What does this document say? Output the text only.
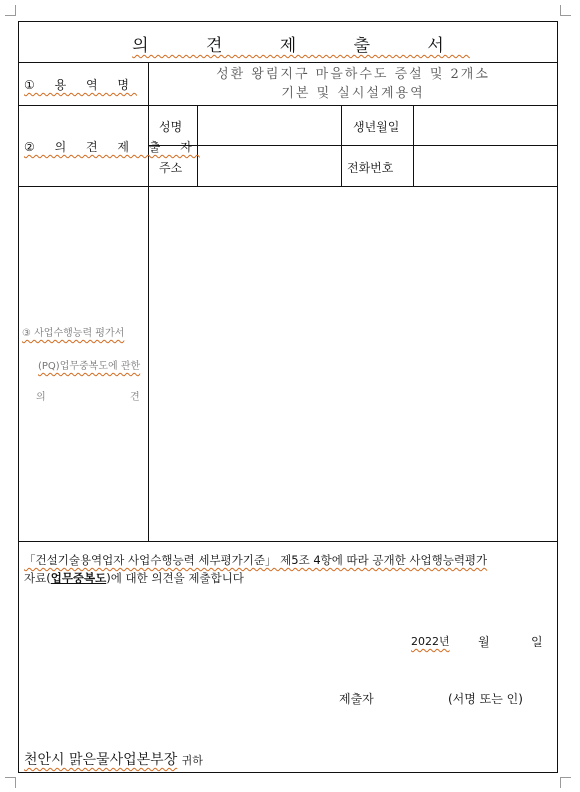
의 견 제 출 서
① 용 역 명
성환 왕림지구 마을하수도 증설 및 2개소
기본 및 실시설계용역
② 의 견 제 출 자
성명	생년월일
주소	전화번호
③ 사업수행능력 평가서
(PQ)업무중복도에 관한
의	견
「건설기술용역업자 사업수행능력 세부평가기준」 제5조 4항에 따라 공개한 사업행능력평가
자료(업무중복도)에 대한 의견을 제출합니다
2022년 월	일
제출자	(서명 또는 인)
천안시 맑은물사업본부장 귀하
